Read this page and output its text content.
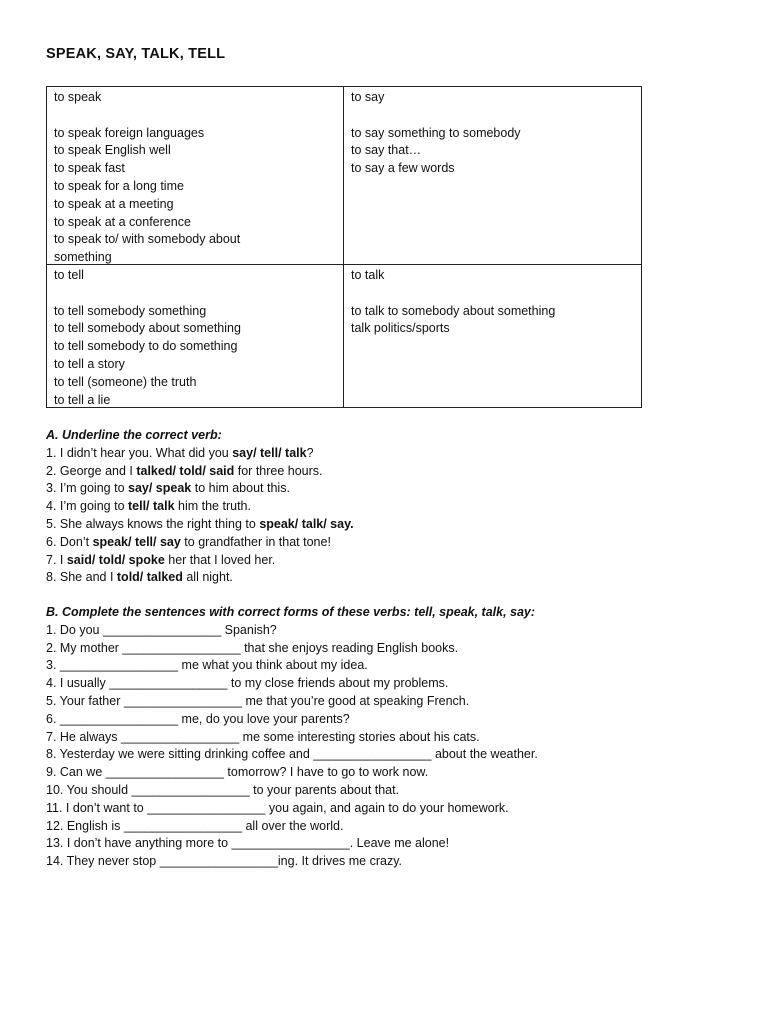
SPEAK, SAY, TALK, TELL
to speak
to speak foreign languages
to speak English well
to speak fast
to speak for a long time
to speak at a meeting
to speak at a conference
to speak to/ with somebody about
something
to say
to say something to somebody
to say that…
to say a few words
to tell
to tell somebody something
to tell somebody about something
to tell somebody to do something
to tell a story
to tell (someone) the truth
to tell a lie
to talk
to talk to somebody about something
talk politics/sports
A. Underline the correct verb:
1. I didn’t hear you. What did you say/ tell/ talk?
2. George and I talked/ told/ said for three hours.
3. I’m going to say/ speak to him about this.
4. I’m going to tell/ talk him the truth.
5. She always knows the right thing to speak/ talk/ say.
6. Don’t speak/ tell/ say to grandfather in that tone!
7. I said/ told/ spoke her that I loved her.
8. She and I told/ talked all night.
B. Complete the sentences with correct forms of these verbs: tell, speak, talk, say:
1. Do you _________________ Spanish?
2. My mother _________________ that she enjoys reading English books.
3. _________________ me what you think about my idea.
4. I usually _________________ to my close friends about my problems.
5. Your father _________________ me that you’re good at speaking French.
6. _________________ me, do you love your parents?
7. He always _________________ me some interesting stories about his cats.
8. Yesterday we were sitting drinking coffee and _________________ about the weather.
9. Can we _________________ tomorrow? I have to go to work now.
10. You should _________________ to your parents about that.
11. I don’t want to _________________ you again, and again to do your homework.
12. English is _________________ all over the world.
13. I don’t have anything more to _________________. Leave me alone!
14. They never stop _________________ing. It drives me crazy.
